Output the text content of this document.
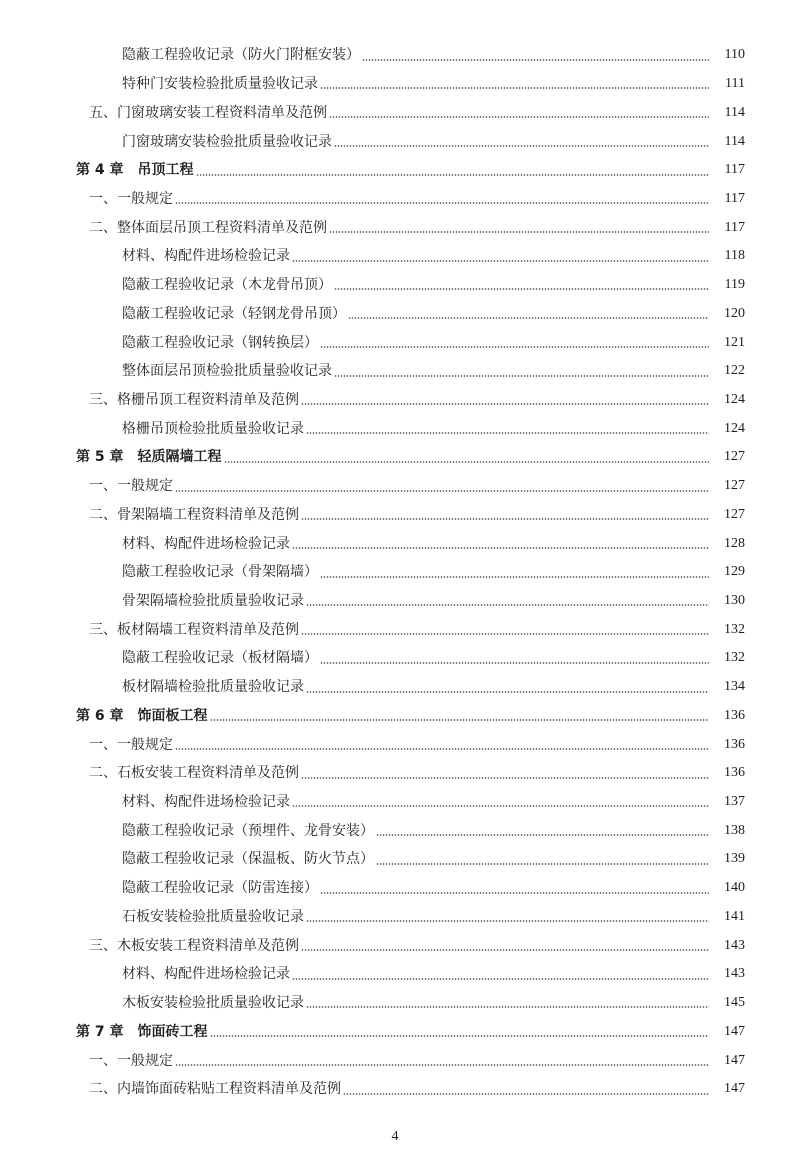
隐蔽工程验收记录（防火门附框安装）	110
特种门安装检验批质量验收记录	111
五、门窗玻璃安装工程资料清单及范例	114
门窗玻璃安装检验批质量验收记录	114
第 4 章 吊顶工程	117
一、一般规定	117
二、整体面层吊顶工程资料清单及范例	117
材料、构配件进场检验记录	118
隐蔽工程验收记录（木龙骨吊顶）	119
隐蔽工程验收记录（轻钢龙骨吊顶）	120
隐蔽工程验收记录（钢转换层）	121
整体面层吊顶检验批质量验收记录	122
三、格栅吊顶工程资料清单及范例	124
格栅吊顶检验批质量验收记录	124
第 5 章 轻质隔墙工程	127
一、一般规定	127
二、骨架隔墙工程资料清单及范例	127
材料、构配件进场检验记录	128
隐蔽工程验收记录（骨架隔墙）	129
骨架隔墙检验批质量验收记录	130
三、板材隔墙工程资料清单及范例	132
隐蔽工程验收记录（板材隔墙）	132
板材隔墙检验批质量验收记录	134
第 6 章 饰面板工程	136
一、一般规定	136
二、石板安装工程资料清单及范例	136
材料、构配件进场检验记录	137
隐蔽工程验收记录（预埋件、龙骨安装）	138
隐蔽工程验收记录（保温板、防火节点）	139
隐蔽工程验收记录（防雷连接）	140
石板安装检验批质量验收记录	141
三、木板安装工程资料清单及范例	143
材料、构配件进场检验记录	143
木板安装检验批质量验收记录	145
第 7 章 饰面砖工程	147
一、一般规定	147
二、内墙饰面砖粘贴工程资料清单及范例	147
4
